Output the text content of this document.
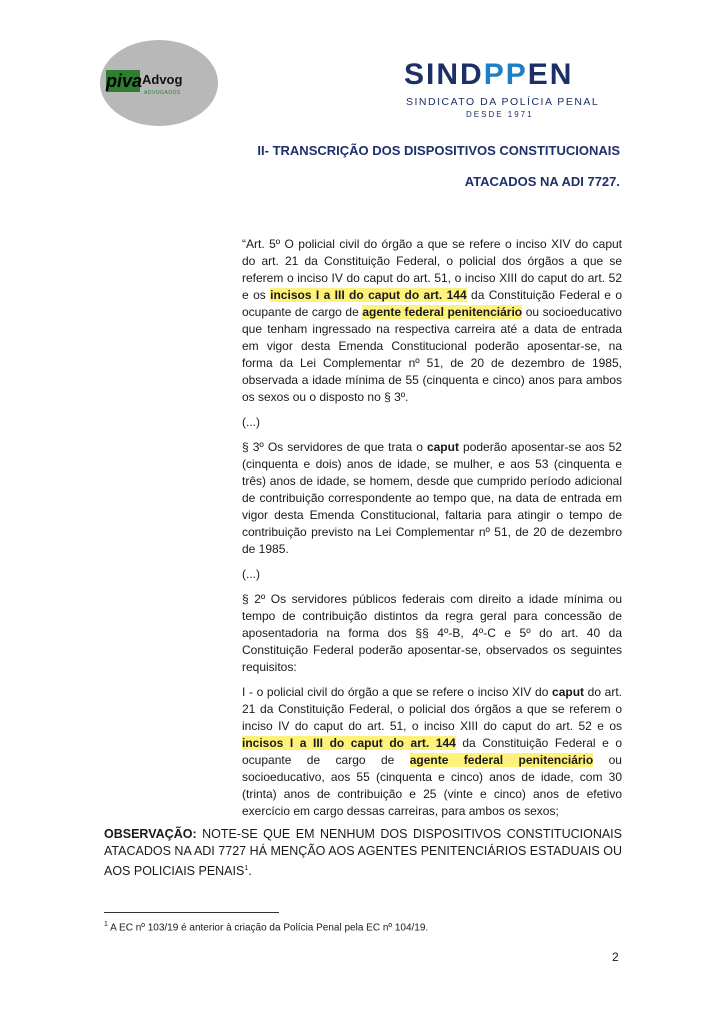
piva Advog
ADVOGADOS
SINDPPEN
SINDICATO DA POLÍCIA PENAL
DESDE 1971
II- TRANSCRIÇÃO DOS DISPOSITIVOS CONSTITUCIONAIS
ATACADOS NA ADI 7727.

“Art. 5º O policial civil do órgão a que se refere o inciso XIV do caput do art. 21 da Constituição Federal, o policial dos órgãos a que se referem o inciso IV do caput do art. 51, o inciso XIII do caput do art. 52 e os incisos I a III do caput do art. 144 da Constituição Federal e o ocupante de cargo de agente federal penitenciário ou socioeducativo que tenham ingressado na respectiva carreira até a data de entrada em vigor desta Emenda Constitucional poderão aposentar-se, na forma da Lei Complementar nº 51, de 20 de dezembro de 1985, observada a idade mínima de 55 (cinquenta e cinco) anos para ambos os sexos ou o disposto no § 3º.

(...)

§ 3º Os servidores de que trata o caput poderão aposentar-se aos 52 (cinquenta e dois) anos de idade, se mulher, e aos 53 (cinquenta e três) anos de idade, se homem, desde que cumprido período adicional de contribuição correspondente ao tempo que, na data de entrada em vigor desta Emenda Constitucional, faltaria para atingir o tempo de contribuição previsto na Lei Complementar nº 51, de 20 de dezembro de 1985.

(...)

§ 2º Os servidores públicos federais com direito a idade mínima ou tempo de contribuição distintos da regra geral para concessão de aposentadoria na forma dos §§ 4º-B, 4º-C e 5º do art. 40 da Constituição Federal poderão aposentar-se, observados os seguintes requisitos:

I - o policial civil do órgão a que se refere o inciso XIV do caput do art. 21 da Constituição Federal, o policial dos órgãos a que se referem o inciso IV do caput do art. 51, o inciso XIII do caput do art. 52 e os incisos I a III do caput do art. 144 da Constituição Federal e o ocupante de cargo de agente federal penitenciário ou socioeducativo, aos 55 (cinquenta e cinco) anos de idade, com 30 (trinta) anos de contribuição e 25 (vinte e cinco) anos de efetivo exercício em cargo dessas carreiras, para ambos os sexos;

OBSERVAÇÃO: NOTE-SE QUE EM NENHUM DOS DISPOSITIVOS CONSTITUCIONAIS ATACADOS NA ADI 7727 HÁ MENÇÃO AOS AGENTES PENITENCIÁRIOS ESTADUAIS OU AOS POLICIAIS PENAIS$^1$.
$^1$ A EC nº 103/19 é anterior à criação da Polícia Penal pela EC nº 104/19.
2
